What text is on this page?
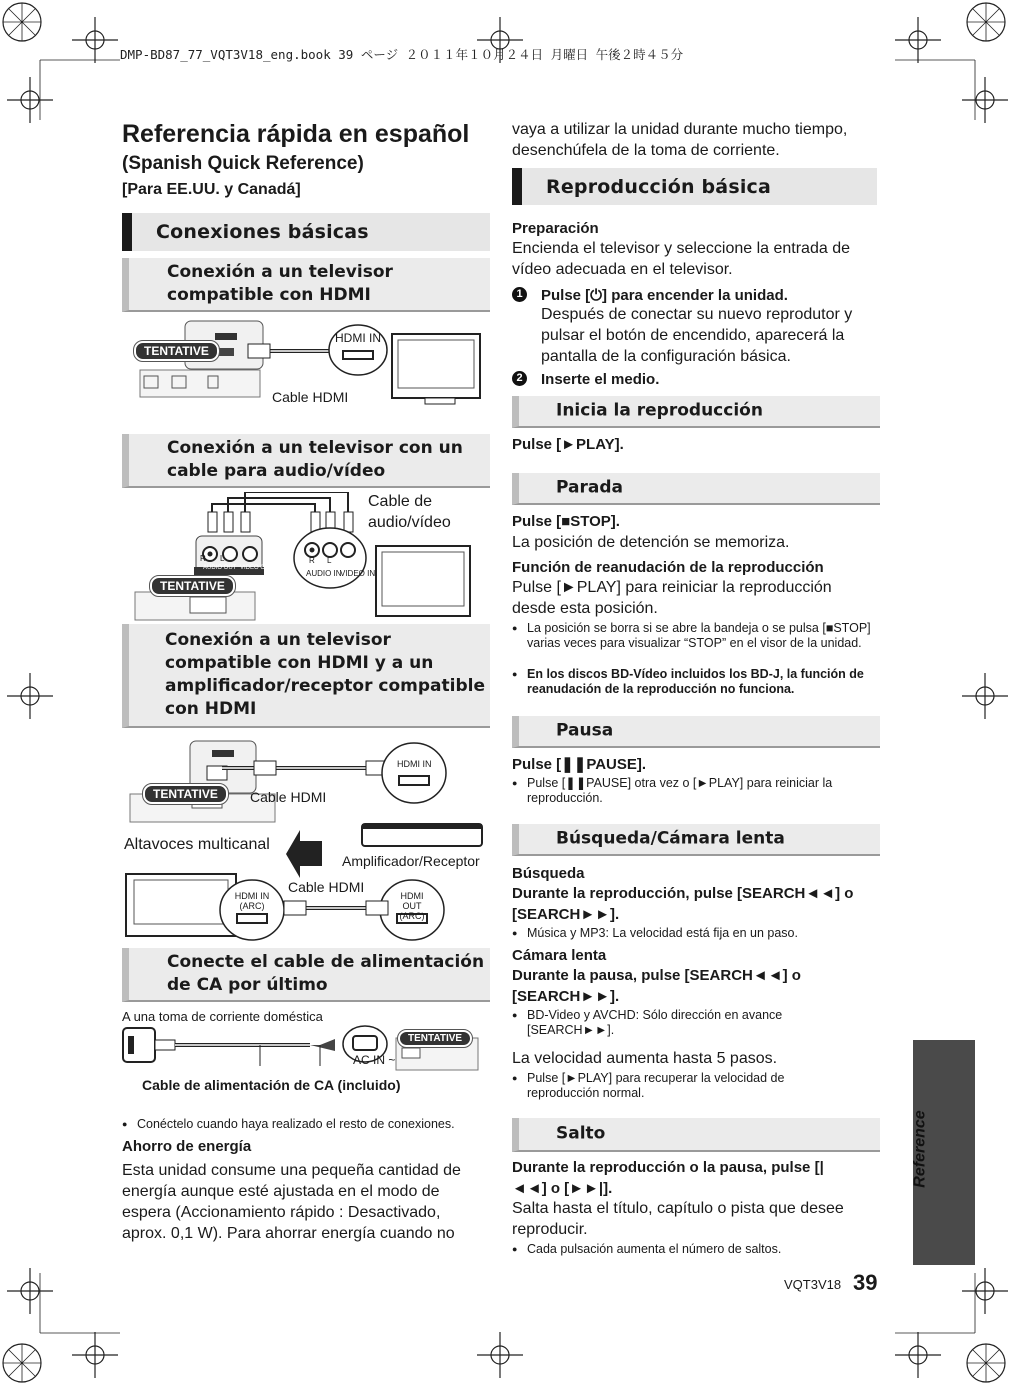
DMP-BD87_77_VQT3V18_eng.book 39 ページ ２０１１年１０月２４日 月曜日 午後２時４５分
Referencia rápida en español
(Spanish Quick Reference)
[Para EE.UU. y Canadá]
Conexiones básicas
Conexión a un televisor compatible con HDMI
TENTATIVE
HDMI IN
Cable HDMI
Conexión a un televisor con un cable para audio/vídeo
R L
AUDIO OUT VIDEO OUT
R L
AUDIO IN
VIDEO IN
Cable de audio/vídeo
TENTATIVE
Conexión a un televisor compatible con HDMI y a un amplificador/receptor compatible con HDMI
TENTATIVE	Cable HDMI
HDMI IN
Altavoces multicanal
Amplificador/Receptor
Cable HDMI
HDMI IN (ARC)
HDMI OUT (ARC)
Conecte el cable de alimentación de CA por último
A una toma de corriente doméstica
AC IN ~
TENTATIVE
Cable de alimentación de CA (incluido)
● Conéctelo cuando haya realizado el resto de conexiones.
Ahorro de energía
Esta unidad consume una pequeña cantidad de energía aunque esté ajustada en el modo de espera (Accionamiento rápido : Desactivado, aprox. 0,1 W). Para ahorrar energía cuando no
vaya a utilizar la unidad durante mucho tiempo, desenchúfela de la toma de corriente.
Reproducción básica
Preparación
Encienda el televisor y seleccione la entrada de vídeo adecuada en el televisor.
1 Pulse [⏻] para encender la unidad.
Después de conectar su nuevo reprodutor y pulsar el botón de encendido, aparecerá la pantalla de la configuración básica.
2 Inserte el medio.
Inicia la reproducción
Pulse [►PLAY].
Parada
Pulse [■STOP].
La posición de detención se memoriza.
Función de reanudación de la reproducción
Pulse [►PLAY] para reiniciar la reproducción desde esta posición.
● La posición se borra si se abre la bandeja o se pulsa [■STOP] varias veces para visualizar “STOP” en el visor de la unidad.
● En los discos BD-Vídeo incluidos los BD-J, la función de reanudación de la reproducción no funciona.
Pausa
Pulse [❚❚PAUSE].
● Pulse [❚❚PAUSE] otra vez o [►PLAY] para reiniciar la reproducción.
Búsqueda/Cámara lenta
Búsqueda
Durante la reproducción, pulse [SEARCH◄◄] o [SEARCH►►].
● Música y MP3: La velocidad está fija en un paso.
Cámara lenta
Durante la pausa, pulse [SEARCH◄◄] o [SEARCH►►].
● BD-Video y AVCHD: Sólo dirección en avance [SEARCH►►].
La velocidad aumenta hasta 5 pasos.
● Pulse [►PLAY] para recuperar la velocidad de reproducción normal.
Salto
Durante la reproducción o la pausa, pulse [|◄◄] o [►►|].
Salta hasta el título, capítulo o pista que desee reproducir.
● Cada pulsación aumenta el número de saltos.
Reference
VQT3V18 39
